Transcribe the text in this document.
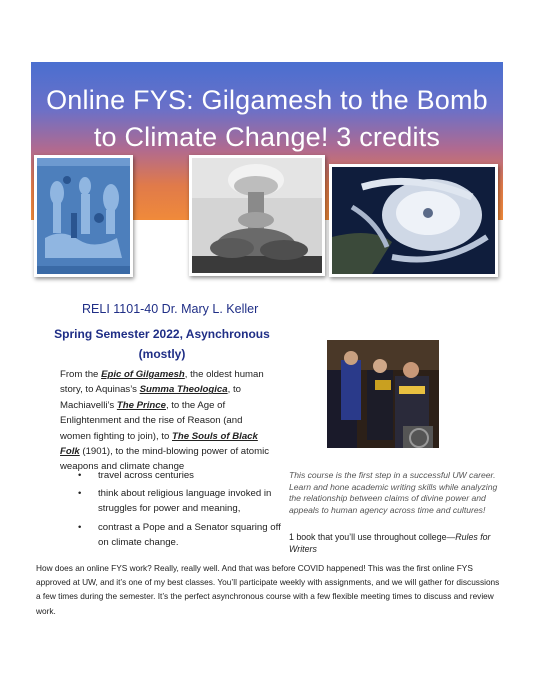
Online FYS: Gilgamesh to the Bomb
to Climate Change! 3 credits
RELI 1101-40 Dr. Mary L. Keller
Spring Semester 2022, Asynchronous
(mostly)
From the Epic of Gilgamesh, the oldest human story, to Aquinas’s Summa Theologica, to Machiavelli’s The Prince, to the Age of Enlightenment and the rise of Reason (and women fighting to join), to The Souls of Black Folk (1901), to the mind-blowing power of atomic weapons and climate change
• travel across centuries
• think about religious language invoked in struggles for power and meaning,
• contrast a Pope and a Senator squaring off on climate change.
This course is the first step in a successful UW career. Learn and hone academic writing skills while analyzing the relationship between claims of divine power and appeals to human agency across time and cultures!
1 book that you’ll use throughout college—Rules for Writers
How does an online FYS work? Really, really well. And that was before COVID happened! This was the first online FYS approved at UW, and it’s one of my best classes. You’ll participate weekly with assignments, and we will gather for discussions a few times during the semester. It’s the perfect asynchronous course with a few flexible meeting times to discuss and review work.
